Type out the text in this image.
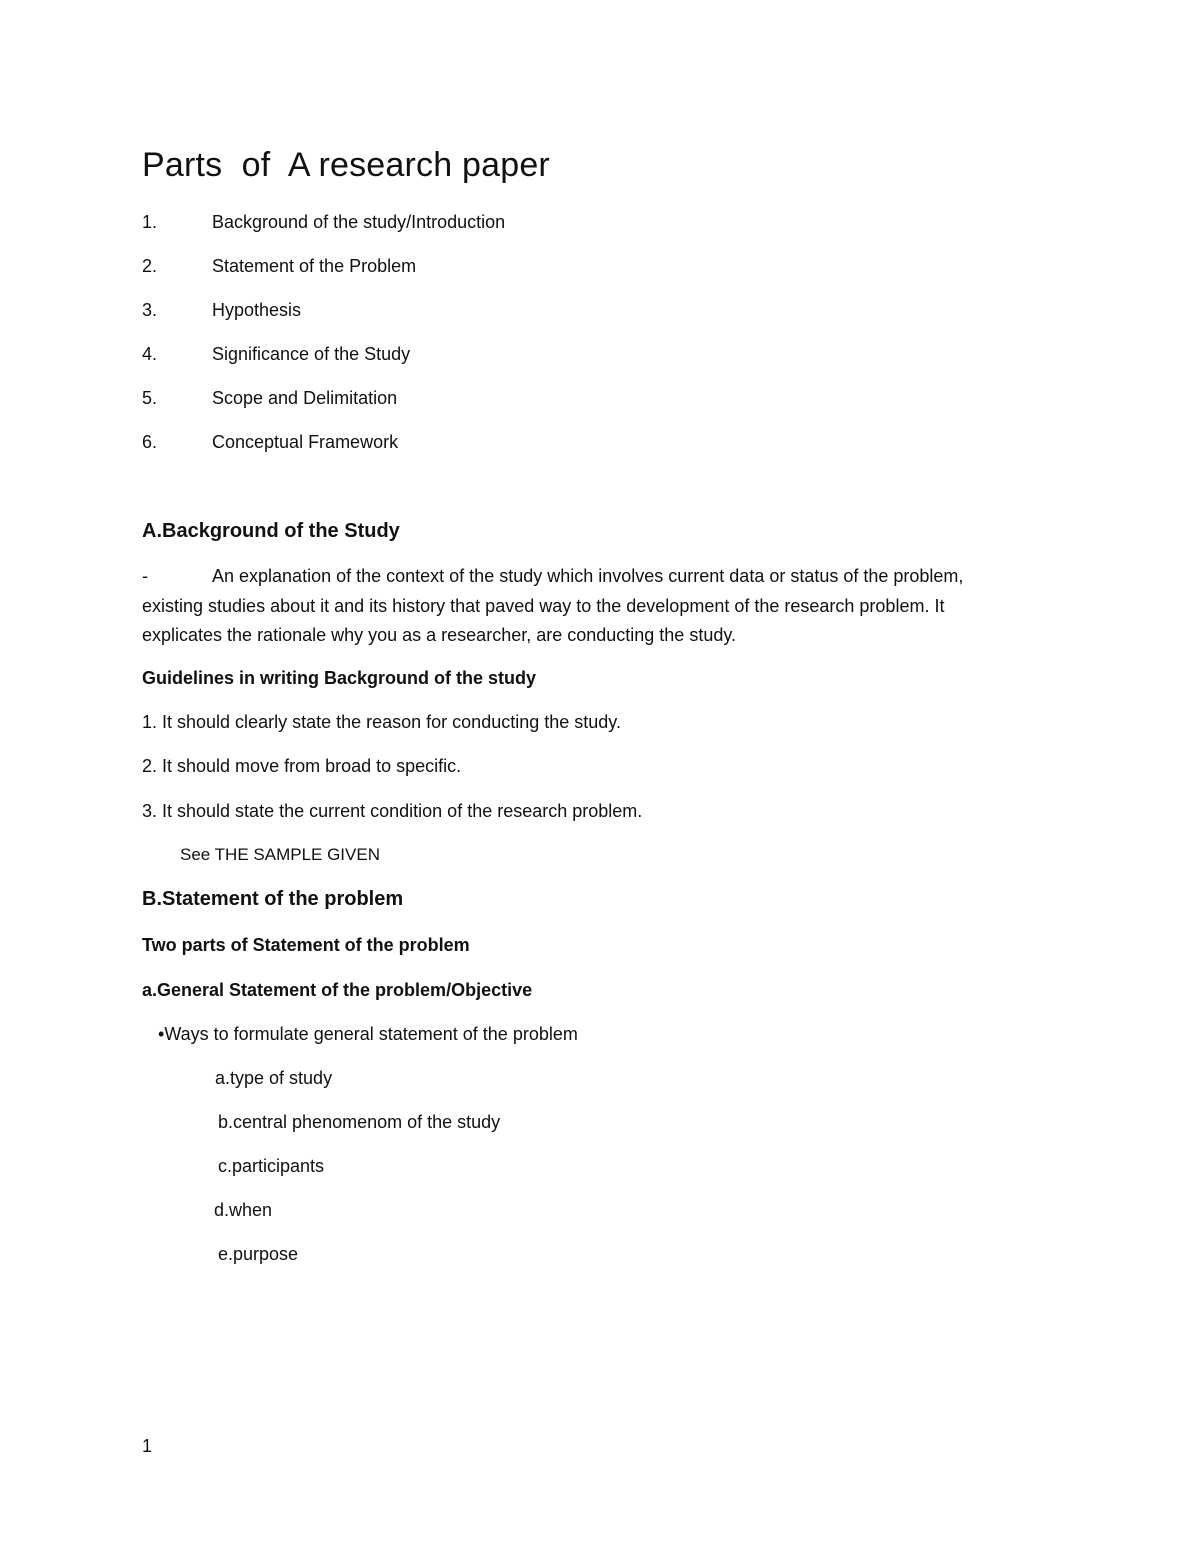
Parts  of  A research paper
1.	Background of the study/Introduction
2.	Statement of the Problem
3.	Hypothesis
4.	Significance of the Study
5.	Scope and Delimitation
6.	Conceptual Framework
A.Background of the Study
-	An explanation of the context of the study which involves current data or status of the problem,
existing studies about it and its history that paved way to the development of the research problem. It
explicates the rationale why you as a researcher, are conducting the study.
Guidelines in writing Background of the study
1. It should clearly state the reason for conducting the study.
2. It should move from broad to specific.
3. It should state the current condition of the research problem.
See THE SAMPLE GIVEN
B.Statement of the problem
Two parts of Statement of the problem
a.General Statement of the problem/Objective
•Ways to formulate general statement of the problem
a.type of study
b.central phenomenom of the study
c.participants
d.when
e.purpose
1
